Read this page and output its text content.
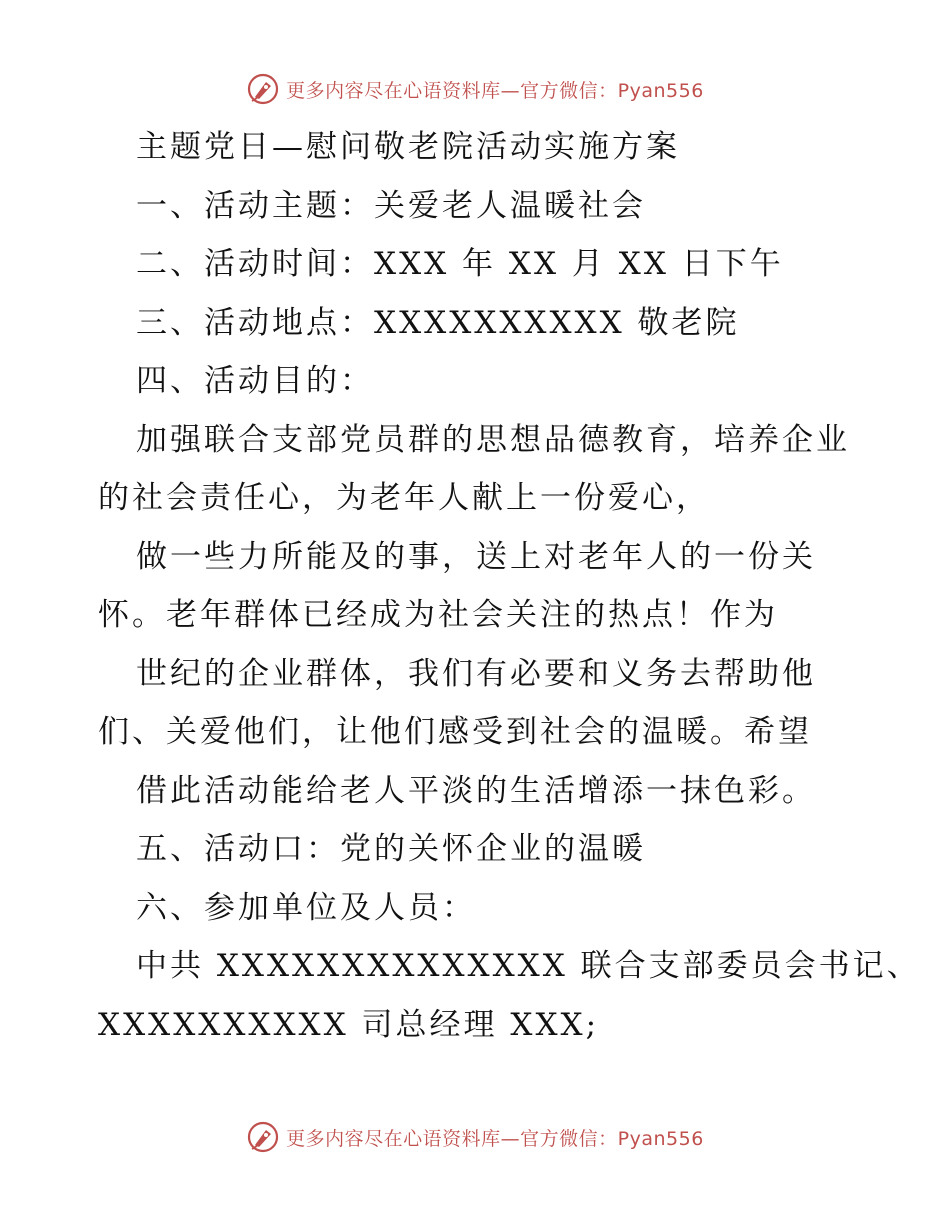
更多内容尽在心语资料库—官方微信：Pyan556
主题党日—慰问敬老院活动实施方案
一、活动主题：关爱老人温暖社会
二、活动时间：XXX 年 XX 月 XX 日下午
三、活动地点：XXXXXXXXXX 敬老院
四、活动目的：
加强联合支部党员群的思想品德教育，培养企业
的社会责任心，为老年人献上一份爱心，
做一些力所能及的事，送上对老年人的一份关
怀。老年群体已经成为社会关注的热点！作为
世纪的企业群体，我们有必要和义务去帮助他
们、关爱他们，让他们感受到社会的温暖。希望
借此活动能给老人平淡的生活增添一抹色彩。
五、活动口：党的关怀企业的温暖
六、参加单位及人员：
中共 XXXXXXXXXXXXXX 联合支部委员会书记、
XXXXXXXXXX 司总经理 XXX;
更多内容尽在心语资料库—官方微信：Pyan556
